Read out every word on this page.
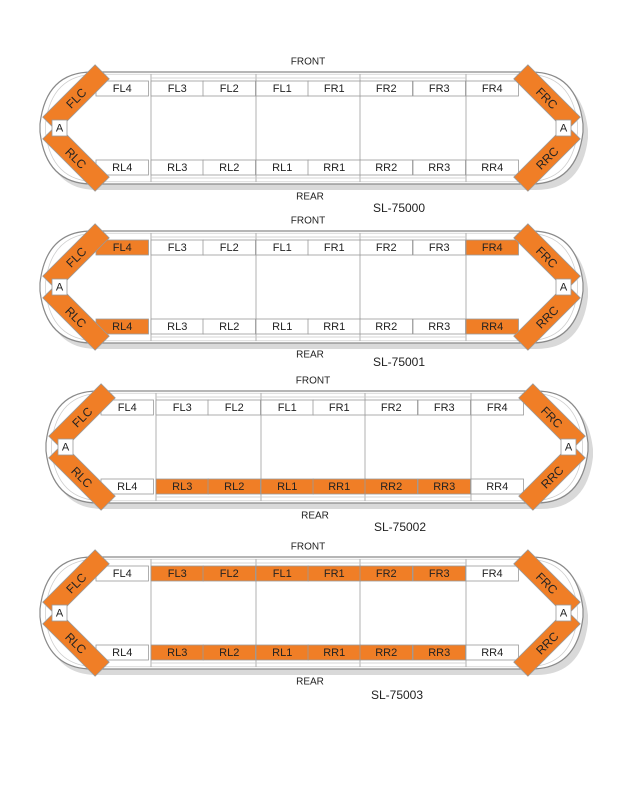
FL4	FL3	FL2	FL1	FR1	FR2	FR3	FR4
RL4	RL3	RL2	RL1	RR1	RR2	RR3	RR4
FLC
RLC
FRC
RRC
A	A
FRONT
REAR
SL-75000
FL4	FL3	FL2	FL1	FR1	FR2	FR3	FR4
RL4	RL3	RL2	RL1	RR1	RR2	RR3	RR4
FLC
RLC
FRC
RRC
A	A
FRONT
REAR	SL-75001
FL4	FL3	FL2	FL1	FR1	FR2	FR3	FR4
RL4	RL3	RL2	RL1	RR1	RR2	RR3	RR4
FLC
RLC
FRC
RRC
A	A
FRONT
REAR
SL-75002
FL4	FL3	FL2	FL1	FR1	FR2	FR3	FR4
RL4	RL3	RL2	RL1	RR1	RR2	RR3	RR4
FLC
RLC
FRC
RRC
A	A
FRONT
REAR
SL-75003
